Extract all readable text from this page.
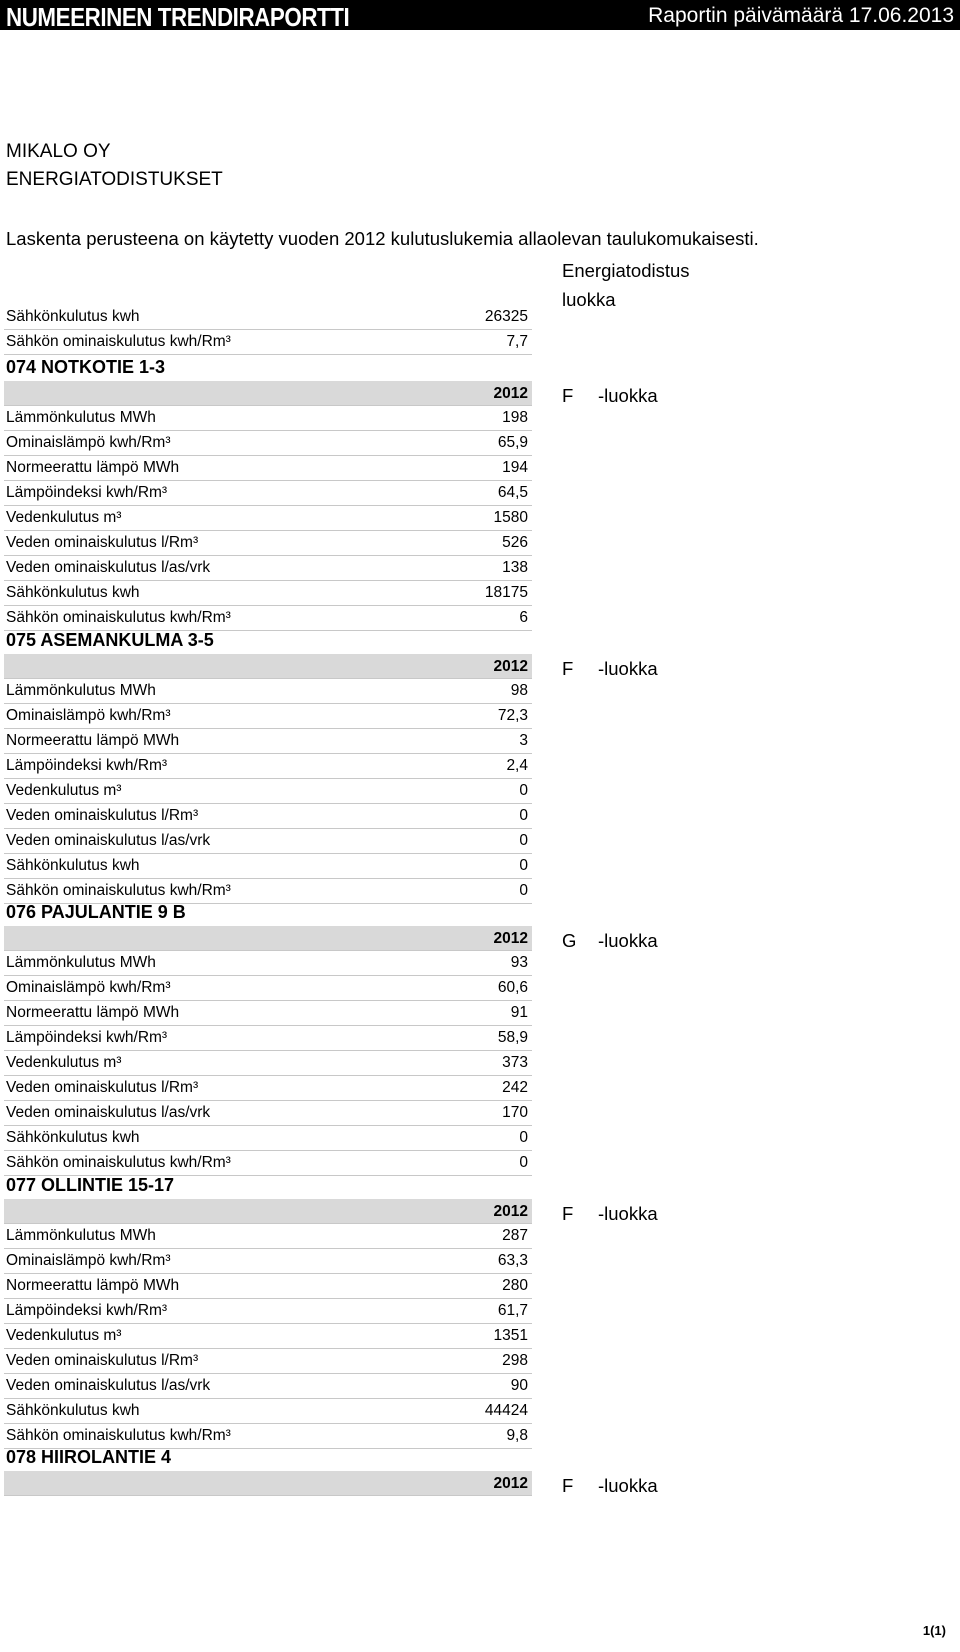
NUMEERINEN TRENDIRAPORTTI	Raportin päivämäärä 17.06.2013
MIKALO OY
ENERGIATODISTUKSET
Laskenta perusteena on käytetty vuoden 2012 kulutuslukemia allaolevan taulukomukaisesti.
Energiatodistus
luokka
Sähkönkulutus kwh	26325
Sähkön ominaiskulutus kwh/Rm³	7,7
074 NOTKOTIE 1-3
2012
Lämmönkulutus MWh	198
Ominaislämpö kwh/Rm³	65,9
Normeerattu lämpö MWh	194
Lämpöindeksi kwh/Rm³	64,5
Vedenkulutus m³	1580
Veden ominaiskulutus l/Rm³	526
Veden ominaiskulutus l/as/vrk	138
Sähkönkulutus kwh	18175
Sähkön ominaiskulutus kwh/Rm³	6
F -luokka
075 ASEMANKULMA 3-5
2012
Lämmönkulutus MWh	98
Ominaislämpö kwh/Rm³	72,3
Normeerattu lämpö MWh	3
Lämpöindeksi kwh/Rm³	2,4
Vedenkulutus m³	0
Veden ominaiskulutus l/Rm³	0
Veden ominaiskulutus l/as/vrk	0
Sähkönkulutus kwh	0
Sähkön ominaiskulutus kwh/Rm³	0
F -luokka
076 PAJULANTIE 9 B
2012
Lämmönkulutus MWh	93
Ominaislämpö kwh/Rm³	60,6
Normeerattu lämpö MWh	91
Lämpöindeksi kwh/Rm³	58,9
Vedenkulutus m³	373
Veden ominaiskulutus l/Rm³	242
Veden ominaiskulutus l/as/vrk	170
Sähkönkulutus kwh	0
Sähkön ominaiskulutus kwh/Rm³	0
G -luokka
077 OLLINTIE 15-17
2012
Lämmönkulutus MWh	287
Ominaislämpö kwh/Rm³	63,3
Normeerattu lämpö MWh	280
Lämpöindeksi kwh/Rm³	61,7
Vedenkulutus m³	1351
Veden ominaiskulutus l/Rm³	298
Veden ominaiskulutus l/as/vrk	90
Sähkönkulutus kwh	44424
Sähkön ominaiskulutus kwh/Rm³	9,8
F -luokka
078 HIIROLANTIE 4
2012 F -luokka
1(1)
